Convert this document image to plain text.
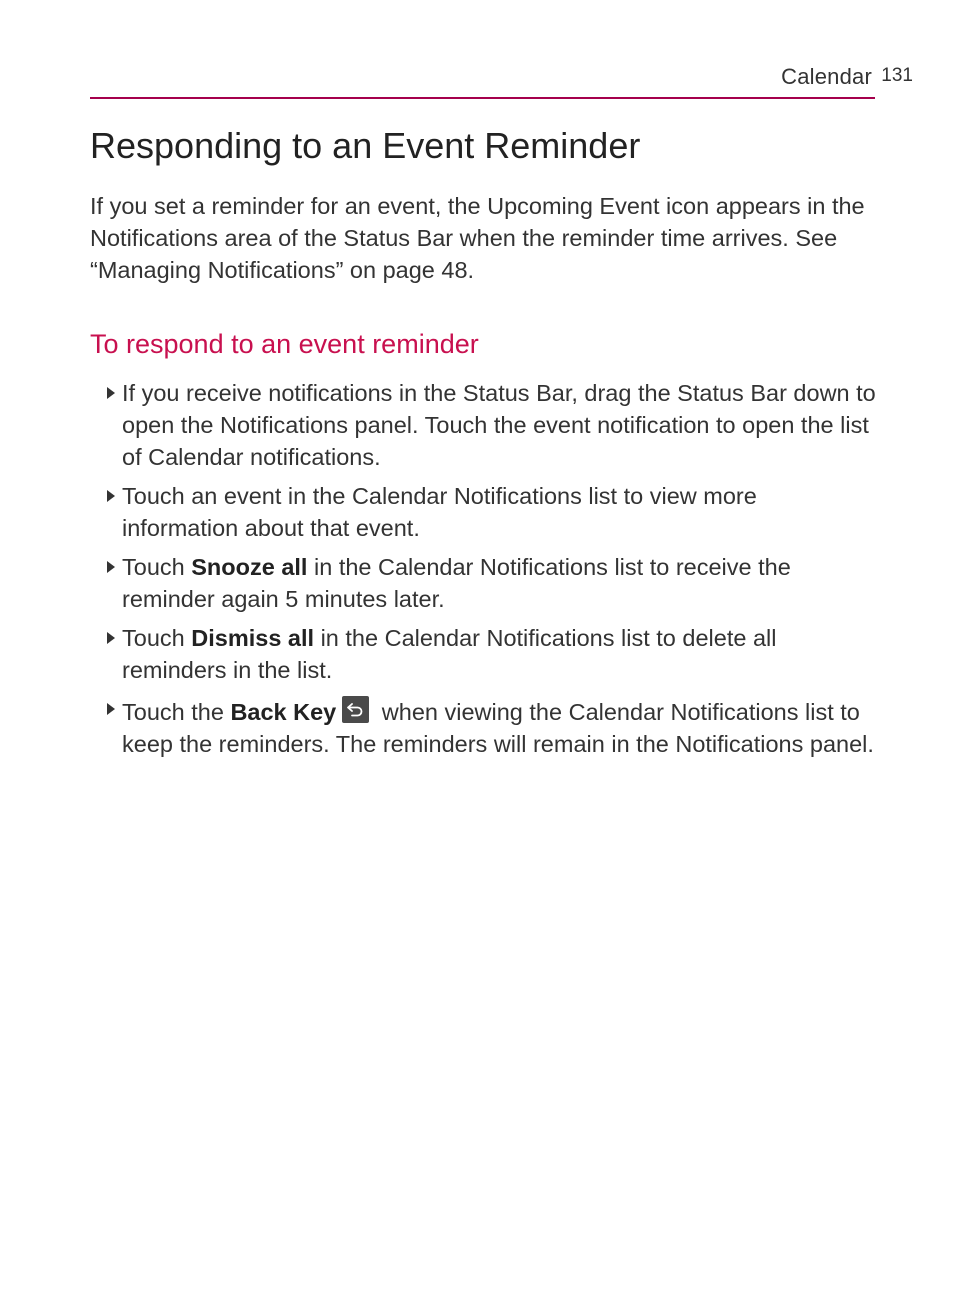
Calendar 131
Responding to an Event Reminder

If you set a reminder for an event, the Upcoming Event icon appears in the Notifications area of the Status Bar when the reminder time arrives. See “Managing Notifications” on page 48.

To respond to an event reminder
If you receive notifications in the Status Bar, drag the Status Bar down to open the Notifications panel. Touch the event notification to open the list of Calendar notifications.
Touch an event in the Calendar Notifications list to view more information about that event.
Touch Snooze all in the Calendar Notifications list to receive the reminder again 5 minutes later.
Touch Dismiss all in the Calendar Notifications list to delete all reminders in the list.
Touch the Back Key
when viewing the Calendar Notifications list to keep the reminders. The reminders will remain in the Notifications panel.
